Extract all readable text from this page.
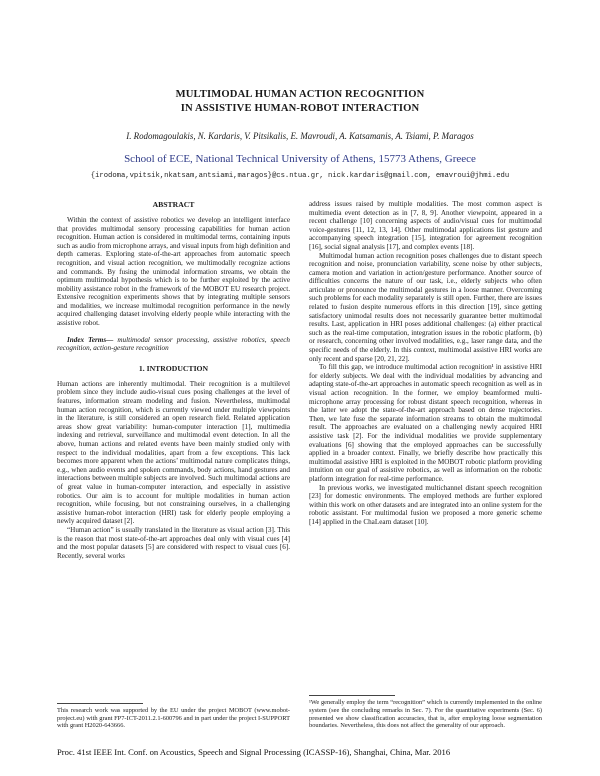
MULTIMODAL HUMAN ACTION RECOGNITION
IN ASSISTIVE HUMAN-ROBOT INTERACTION
I. Rodomagoulakis, N. Kardaris, V. Pitsikalis, E. Mavroudi, A. Katsamanis, A. Tsiami, P. Maragos
School of ECE, National Technical University of Athens, 15773 Athens, Greece
{irodoma,vpitsik,nkatsam,antsiami,maragos}@cs.ntua.gr, nick.kardaris@gmail.com, emavroui@jhmi.edu
ABSTRACT

Within the context of assistive robotics we develop an intelligent interface that provides multimodal sensory processing capabilities for human action recognition. Human action is considered in multimodal terms, containing inputs such as audio from microphone arrays, and visual inputs from high definition and depth cameras. Exploring state-of-the-art approaches from automatic speech recognition, and visual action recognition, we multimodally recognize actions and commands. By fusing the unimodal information streams, we obtain the optimum multimodal hypothesis which is to be further exploited by the active mobility assistance robot in the framework of the MOBOT EU research project. Extensive recognition experiments shows that by integrating multiple sensors and modalities, we increase multimodal recognition performance in the newly acquired challenging dataset involving elderly people while interacting with the assistive robot.

Index Terms— multimodal sensor processing, assistive robotics, speech recognition, action-gesture recognition

1. INTRODUCTION

Human actions are inherently multimodal. Their recognition is a multilevel problem since they include audio-visual cues posing challenges at the level of features, information stream modeling and fusion. Nevertheless, multimodal human action recognition, which is currently viewed under multiple viewpoints in the literature, is still considered an open research field. Related application areas show great variability: human-computer interaction [1], multimedia indexing and retrieval, surveillance and multimodal event detection. In all the above, human actions and related events have been mainly studied only with respect to the individual modalities, apart from a few exceptions. This lack becomes more apparent when the actions’ multimodal nature complicates things, e.g., when audio events and spoken commands, body actions, hand gestures and interactions between multiple subjects are involved. Such multimodal actions are of great value in human-computer interaction, and especially in assistive robotics. Our aim is to account for multiple modalities in human action recognition, while focusing, but not constraining ourselves, in a challenging assistive human-robot interaction (HRI) task for elderly people employing a newly acquired dataset [2].

“Human action” is usually translated in the literature as visual action [3]. This is the reason that most state-of-the-art approaches deal only with visual cues [4] and the most popular datasets [5] are considered with respect to visual cues [6]. Recently, several works

This research work was supported by the EU under the project MOBOT (www.mobot-project.eu) with grant FP7-ICT-2011.2.1-600796 and in part under the project I-SUPPORT with grant H2020-643666.

address issues raised by multiple modalities. The most common aspect is multimedia event detection as in [7, 8, 9]. Another viewpoint, appeared in a recent challenge [10] concerning aspects of audio/visual cues for multimodal voice-gestures [11, 12, 13, 14]. Other multimodal applications list gesture and accompanying speech integration [15], integration for agreement recognition [16], social signal analysis [17], and complex events [18].

Multimodal human action recognition poses challenges due to distant speech recognition and noise, pronunciation variability, scene noise by other subjects, camera motion and variation in action/gesture performance. Another source of difficulties concerns the nature of our task, i.e., elderly subjects who often articulate or pronounce the multimodal gestures in a loose manner. Overcoming such problems for each modality separately is still open. Further, there are issues related to fusion despite numerous efforts in this direction [19], since getting satisfactory unimodal results does not necessarily guarantee better multimodal results. Last, application in HRI poses additional challenges: (a) either practical such as the real-time computation, integration issues in the robotic platform, (b) or research, concerning other involved modalities, e.g., laser range data, and the specific needs of the elderly. In this context, multimodal assistive HRI works are only recent and sparse [20, 21, 22].

To fill this gap, we introduce multimodal action recognition¹ in assistive HRI for elderly subjects. We deal with the individual modalities by advancing and adapting state-of-the-art approaches in automatic speech recognition as well as in visual action recognition. In the former, we employ beamformed multi-microphone array processing for robust distant speech recognition, whereas in the latter we adopt the state-of-the-art approach based on dense trajectories. Then, we late fuse the separate information streams to obtain the multimodal result. The approaches are evaluated on a challenging newly acquired HRI assistive task [2]. For the individual modalities we provide supplementary evaluations [6] showing that the employed approaches can be successfully applied in a broader context. Finally, we briefly describe how practically this multimodal assistive HRI is exploited in the MOBOT robotic platform providing intuition on our goal of assistive robotics, as well as information on the robotic platform integration for real-time performance.

In previous works, we investigated multichannel distant speech recognition [23] for domestic environments. The employed methods are further explored within this work on other datasets and are integrated into an online system for the robotic assistant. For multimodal fusion we proposed a more generic scheme [14] applied in the ChaLearn dataset [10].

¹We generally employ the term “recognition” which is currently implemented in the online system (see the concluding remarks in Sec. 7). For the quantitative experiments (Sec. 6) presented we show classification accuracies, that is, after employing loose segmentation boundaries. Nevertheless, this does not affect the generality of our approach.

Proc. 41st IEEE Int. Conf. on Acoustics, Speech and Signal Processing (ICASSP-16), Shanghai, China, Mar. 2016
